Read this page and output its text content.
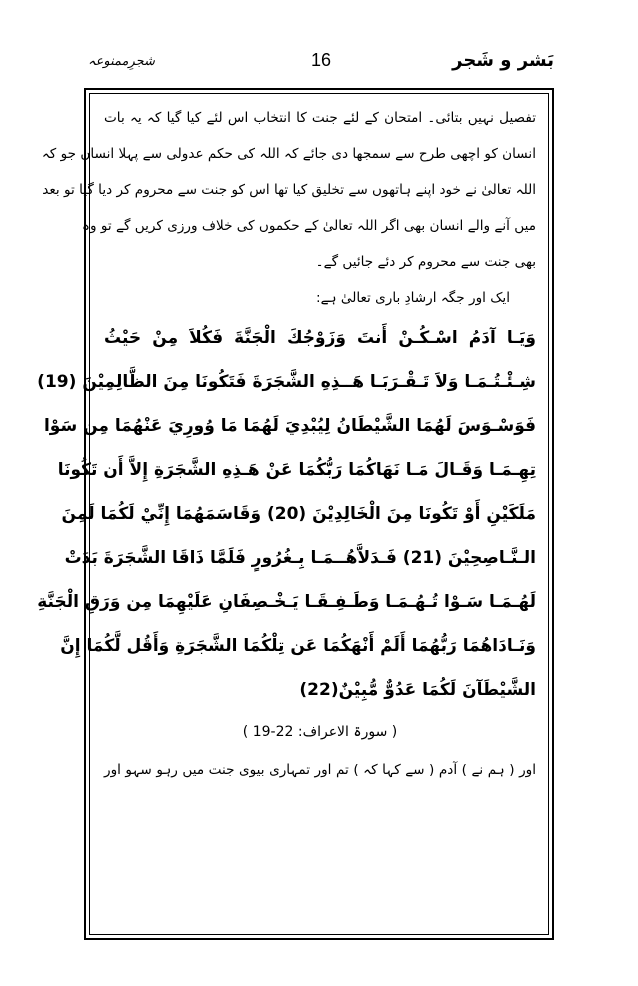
شجرِممنوعہ	16	بَشر و شَجر
تفصیل نہیں بتائی۔ امتحان کے لئے جنت کا انتخاب اس لئے کیا گیا کہ یہ بات
انسان کو اچھی طرح سے سمجھا دی جائے کہ اللہ کی حکم عدولی سے پہلا انسان جو کہ
اللہ تعالیٰ نے خود اپنے ہاتھوں سے تخلیق کیا تھا اس کو جنت سے محروم کر دیا گیا تو بعد
میں آنے والے انسان بھی اگر اللہ تعالیٰ کے حکموں کی خلاف ورزی کریں گے تو وہ
بھی جنت سے محروم کر دئے جائیں گے۔
ایک اور جگہ ارشادِ باری تعالیٰ ہے:
وَيَـا آدَمُ اسْـكُـنْ أَنتَ وَزَوْجُكَ الْجَنَّةَ فَكُلاَ مِنْ حَيْثُ
شِـئْـتُـمَـا وَلاَ تَـقْـرَبَـا هَــذِهِ الشَّجَرَةَ فَتَكُونَا مِنَ الظَّالِمِيْنَ (19)
فَوَسْـوَسَ لَهُمَا الشَّيْطَانُ لِيُبْدِيَ لَهُمَا مَا وُورِيَ عَنْهُمَا مِن سَوْا
تِهِـمَـا وَقَـالَ مَـا نَهَاكُمَا رَبُّكُمَا عَنْ هَـذِهِ الشَّجَرَةِ إِلاَّ أَن تَكُونَا
مَلَكَيْنِ أَوْ تَكُونَا مِنَ الْخَالِدِيْنَ (20) وَقَاسَمَهُمَا إِنِّيْ لَكُمَا لَمِنَ
الـنَّـاصِحِيْنَ (21) فَـدَلاَّهُــمَـا بِـغُرُورٍ فَلَمَّا ذَاقَا الشَّجَرَةَ بَدَتْ
لَهُـمَـا سَـوْا تُـهُـمَـا وَطَـفِـقَـا يَـخْـصِفَانِ عَلَيْهِمَا مِن وَرَقِ الْجَنَّةِ
وَنَـادَاهُمَا رَبُّهُمَا أَلَمْ أَنْهَكُمَا عَن تِلْكُمَا الشَّجَرَةِ وَأَقُل لَّكُمَا إِنَّ
الشَّيْطَآنَ لَكُمَا عَدُوٌّ مُّبِيْنٌ(22)
( سورۃ الاعراف: 22-19 )
اور ( ہم نے ) آدم ( سے کہا کہ ) تم اور تمہاری بیوی جنت میں رہو سہو اور
